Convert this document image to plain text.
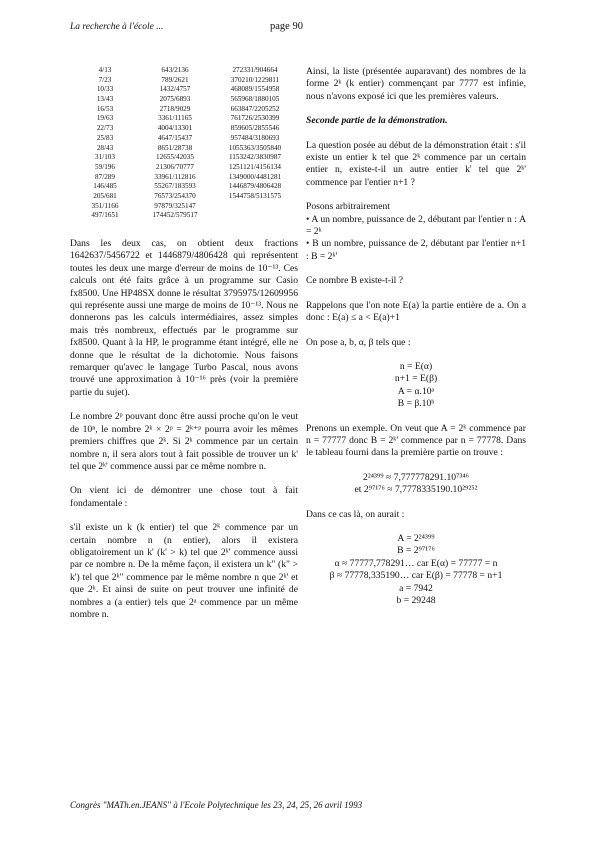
La recherche à l'école ...	page 90
4/13	643/2136	272331/904664
7/23	789/2621	370210/1229811
10/33	1432/4757	468089/1554958
13/43	2075/6893	565968/1880105
16/53	2718/9029	663847/2205252
19/63	3361/11165	761726/2530399
22/73	4004/13301	859605/2855546
25/83	4647/15437	957484/3180693
28/43	8651/28738	1055363/3505840
31/103	12655/42035	1153242/3830987
59/196	21306/70777	1251121/4156134
87/289	33961/112816	1349000/4481281
146/485	55267/183593	1446879/4806428
205/681	76573/254370	1544758/5131575
351/1166	97879/325147
497/1651	174452/579517

Dans les deux cas, on obtient deux fractions 1642637/5456722 et 1446879/4806428 qui représentent toutes les deux une marge d'erreur de moins de 10⁻¹³. Ces calculs ont été faits grâce à un programme sur Casio fx8500. Une HP48SX donne le résultat 3795975/12609956 qui représente aussi une marge de moins de 10⁻¹³. Nous ne donnerons pas les calculs intermédiaires, assez simples mais très nombreux, effectués par le programme sur fx8500. Quant à la HP, le programme étant intégré, elle ne donne que le résultat de la dichotomie. Nous faisons remarquer qu'avec le langage Turbo Pascal, nous avons trouvé une approximation à 10⁻¹⁶ près (voir la première partie du sujet).

Le nombre 2ᵖ pouvant donc être aussi proche qu'on le veut de 10ⁿ, le nombre 2ᵏ × 2ᵖ = 2ᵏ⁺ᵖ pourra avoir les mêmes premiers chiffres que 2ᵏ. Si 2ᵏ commence par un certain nombre n, il sera alors tout à fait possible de trouver un k' tel que 2ᵏ' commence aussi par ce même nombre n.

On vient ici de démontrer une chose tout à fait fondamentale :

s'il existe un k (k entier) tel que 2ᵏ commence par un certain nombre n (n entier), alors il existera obligatoirement un k' (k' > k) tel que 2ᵏ' commence aussi par ce nombre n. De la même façon, il existera un k" (k" > k') tel que 2ᵏ" commence par le même nombre n que 2ᵏ' et que 2ᵏ. Et ainsi de suite on peut trouver une infinité de nombres a (a entier) tels que 2ᵃ commence par un même nombre n.

Ainsi, la liste (présentée auparavant) des nombres de la forme 2ᵏ (k entier) commençant par 7777 est infinie, nous n'avons exposé ici que les premières valeurs.

Seconde partie de la démonstration.

La question posée au début de la démonstration était : s'il existe un entier k tel que 2ᵏ commence par un certain entier n, existe-t-il un autre entier k' tel que 2ᵏ' commence par l'entier n+1 ?

Posons arbitrairement

• A un nombre, puissance de 2, débutant par l'entier n : A = 2ᵏ

• B un nombre, puissance de 2, débutant par l'entier n+1 : B = 2ᵏ'

Ce nombre B existe-t-il ?

Rappelons que l'on note E(a) la partie entière de a. On a donc : E(a) ≤ a < E(a)+1

On pose a, b, α, β tels que :

n = E(α)

n+1 = E(β)

A = α.10ᵃ

B = β.10ᵇ

Prenons un exemple. On veut que A = 2ᵏ commence par n = 77777 donc B = 2ᵏ' commence par n = 77778. Dans le tableau fourni dans la première partie on trouve :

2²⁴³⁹⁹ ≈ 7,777778291.10⁷³⁴⁶

et 2⁹⁷¹⁷⁶ ≈ 7,7778335190.10²⁹²⁵²

Dans ce cas là, on aurait :

A = 2²⁴³⁹⁹

B = 2⁹⁷¹⁷⁶

α ≈ 77777,778291… car E(α) = 77777 = n

β ≈ 77778,335190… car E(β) = 77778 = n+1

a = 7942

b = 29248

Congrès "MATh.en.JEANS" à l'Ecole Polytechnique les 23, 24, 25, 26 avril 1993
